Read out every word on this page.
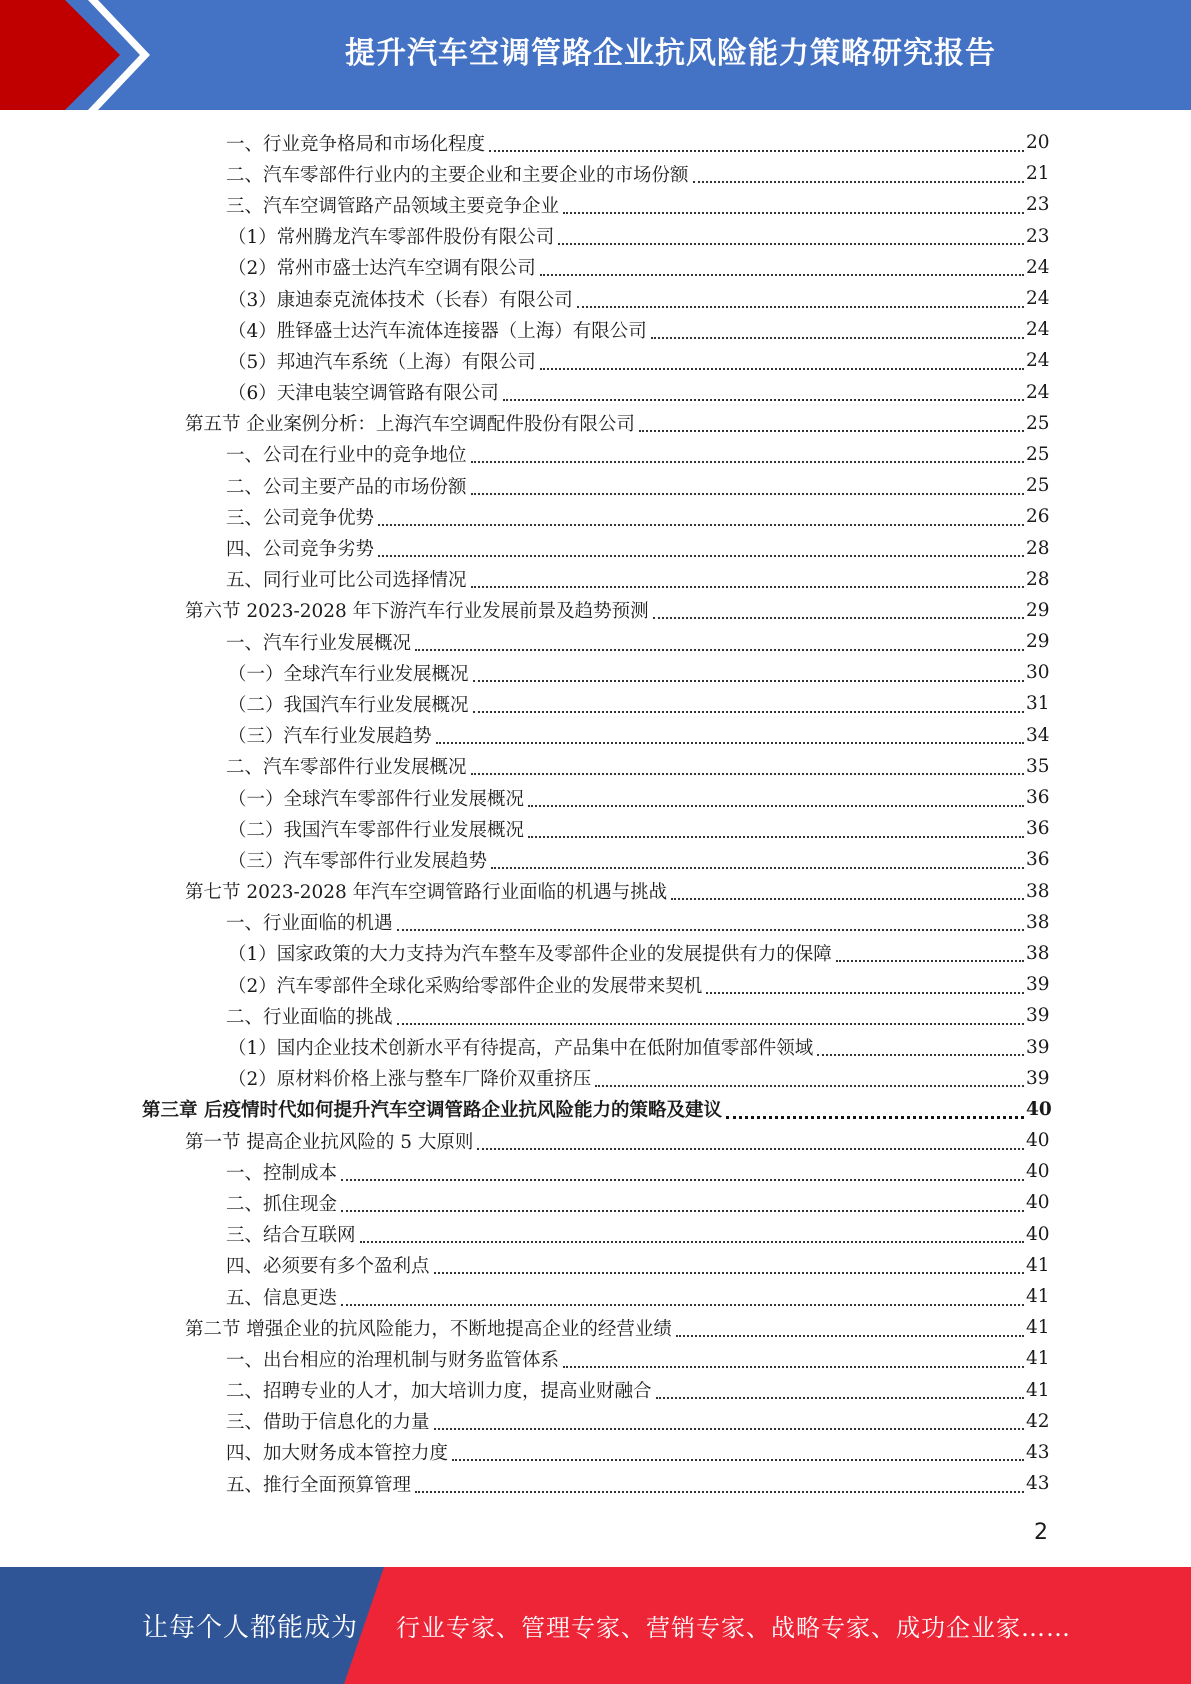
提升汽车空调管路企业抗风险能力策略研究报告
一、行业竞争格局和市场化程度	20
二、汽车零部件行业内的主要企业和主要企业的市场份额	21
三、汽车空调管路产品领域主要竞争企业	23
（1）常州腾龙汽车零部件股份有限公司	23
（2）常州市盛士达汽车空调有限公司	24
（3）康迪泰克流体技术（长春）有限公司	24
（4）胜铎盛士达汽车流体连接器（上海）有限公司	24
（5）邦迪汽车系统（上海）有限公司	24
（6）天津电装空调管路有限公司	24
第五节 企业案例分析：上海汽车空调配件股份有限公司	25
一、公司在行业中的竞争地位	25
二、公司主要产品的市场份额	25
三、公司竞争优势	26
四、公司竞争劣势	28
五、同行业可比公司选择情况	28
第六节 2023-2028 年下游汽车行业发展前景及趋势预测	29
一、汽车行业发展概况	29
（一）全球汽车行业发展概况	30
（二）我国汽车行业发展概况	31
（三）汽车行业发展趋势	34
二、汽车零部件行业发展概况	35
（一）全球汽车零部件行业发展概况	36
（二）我国汽车零部件行业发展概况	36
（三）汽车零部件行业发展趋势	36
第七节 2023-2028 年汽车空调管路行业面临的机遇与挑战	38
一、行业面临的机遇	38
（1）国家政策的大力支持为汽车整车及零部件企业的发展提供有力的保障	38
（2）汽车零部件全球化采购给零部件企业的发展带来契机	39
二、行业面临的挑战	39
（1）国内企业技术创新水平有待提高，产品集中在低附加值零部件领域	39
（2）原材料价格上涨与整车厂降价双重挤压	39
第三章 后疫情时代如何提升汽车空调管路企业抗风险能力的策略及建议	40
第一节 提高企业抗风险的 5 大原则	40
一、控制成本	40
二、抓住现金	40
三、结合互联网	40
四、必须要有多个盈利点	41
五、信息更迭	41
第二节 增强企业的抗风险能力，不断地提高企业的经营业绩	41
一、出台相应的治理机制与财务监管体系	41
二、招聘专业的人才，加大培训力度，提高业财融合	41
三、借助于信息化的力量	42
四、加大财务成本管控力度	43
五、推行全面预算管理	43
2
让每个人都能成为 行业专家、管理专家、营销专家、战略专家、成功企业家……
